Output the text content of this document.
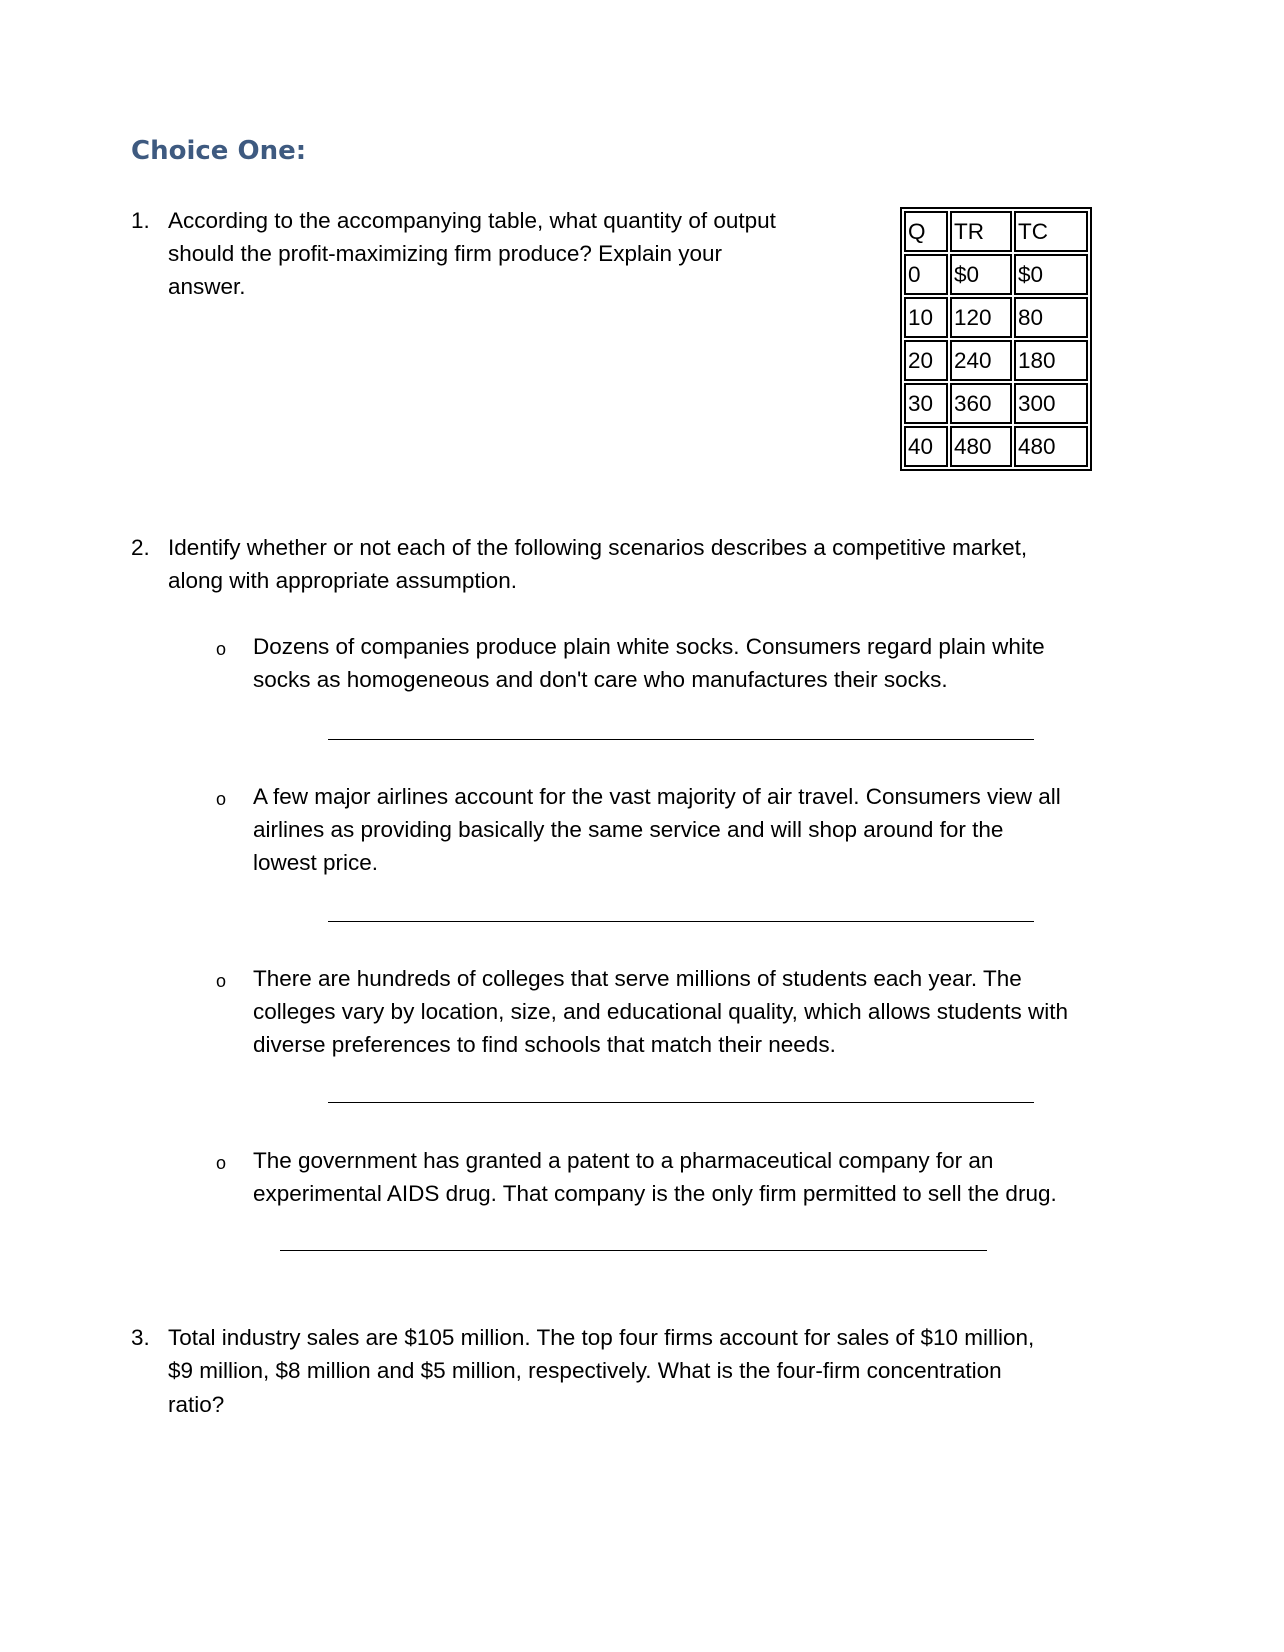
Choice One:
1. According to the accompanying table, what quantity of output
should the profit-maximizing firm produce? Explain your
answer.
Q	TR	TC
0	$0	$0
10	120	80
20	240	180
30	360	300
40	480	480
2. Identify whether or not each of the following scenarios describes a competitive market,
along with appropriate assumption.
o Dozens of companies produce plain white socks. Consumers regard plain white
socks as homogeneous and don't care who manufactures their socks.
o A few major airlines account for the vast majority of air travel. Consumers view all
airlines as providing basically the same service and will shop around for the
lowest price.
o There are hundreds of colleges that serve millions of students each year. The
colleges vary by location, size, and educational quality, which allows students with
diverse preferences to find schools that match their needs.
o The government has granted a patent to a pharmaceutical company for an
experimental AIDS drug. That company is the only firm permitted to sell the drug.
3. Total industry sales are $105 million. The top four firms account for sales of $10 million,
$9 million, $8 million and $5 million, respectively. What is the four-firm concentration
ratio?
